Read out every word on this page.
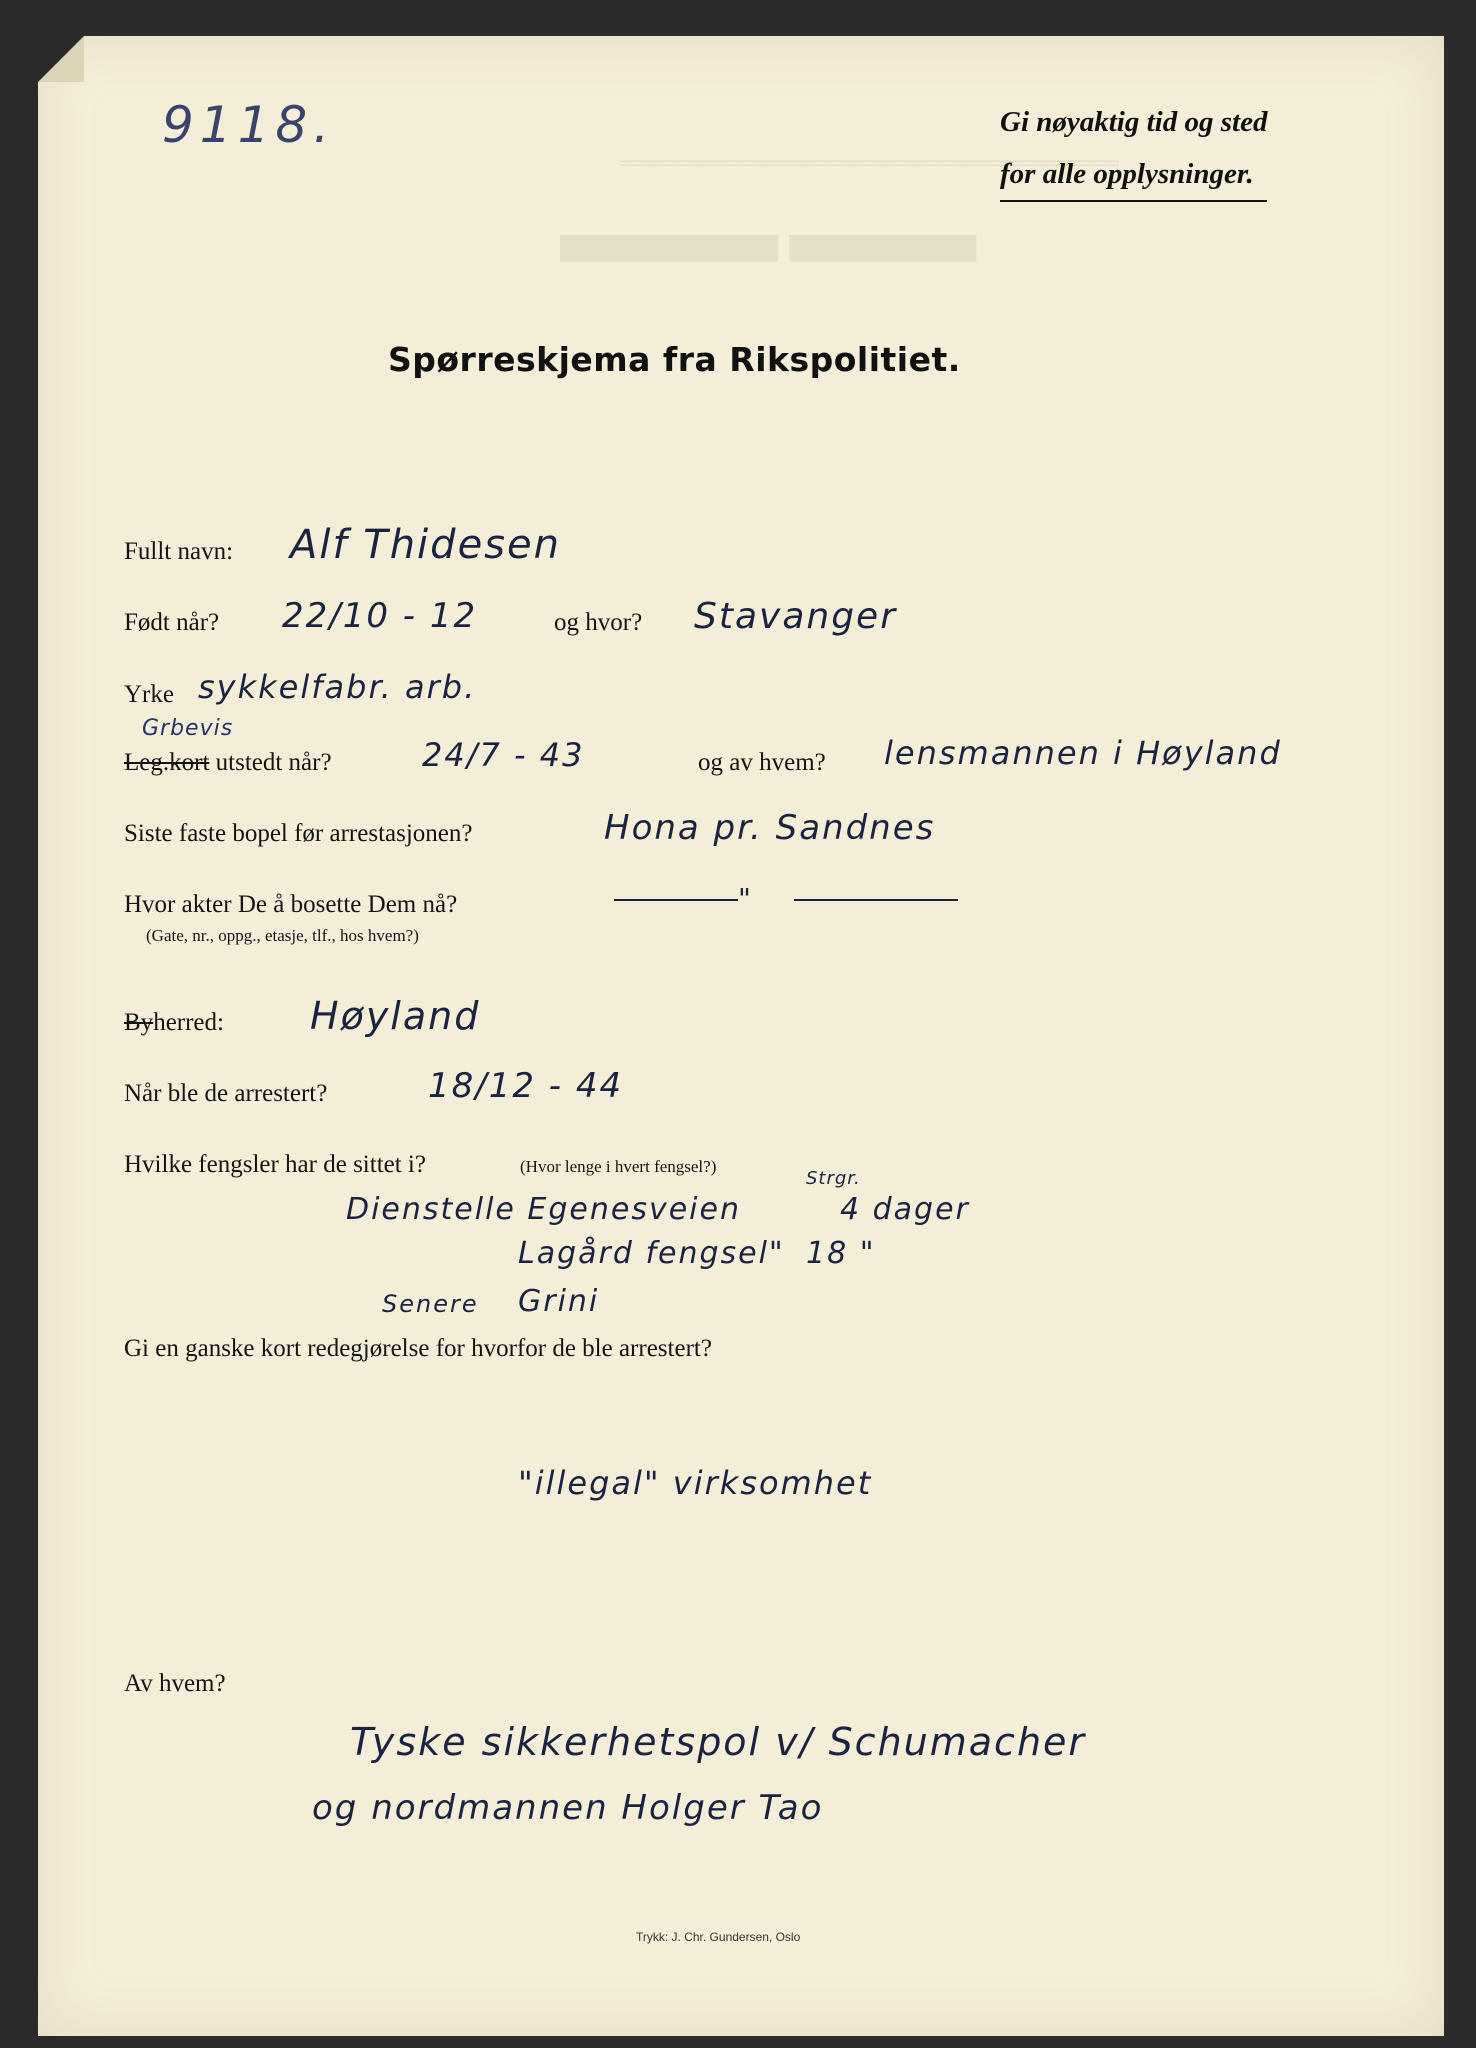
════════════════════════════════
▀▀▀▀▀▀▀ ▀▀▀▀▀▀
9118.	Gi nøyaktig tid og sted
for alle opplysninger.
Spørreskjema fra Rikspolitiet.
Fullt navn: Alf Thidesen
Født når? 22/10 - 12	og hvor? Stavanger
Yrke sykkelfabr. arb.
Grbevis
Leg.kort utstedt når?	24/7 - 43	og av hvem? lensmannen i Høyland
Siste faste bopel før arrestasjonen?	Hona pr. Sandnes
Hvor akter De å bosette Dem nå?
(Gate, nr., oppg., etasje, tlf., hos hvem?)
"
Byherred: Høyland
Når ble de arrestert?	18/12 - 44
Hvilke fengsler har de sittet i?	(Hvor lenge i hvert fengsel?)
Strgr.
Dienstelle Egenesveien	4 dager
Lagård fengsel" 18 "
Senere Grini
Gi en ganske kort redegjørelse for hvorfor de ble arrestert?
"illegal" virksomhet
Av hvem?
Tyske sikkerhetspol v/ Schumacher
og nordmannen Holger Tao
Trykk: J. Chr. Gundersen, Oslo
